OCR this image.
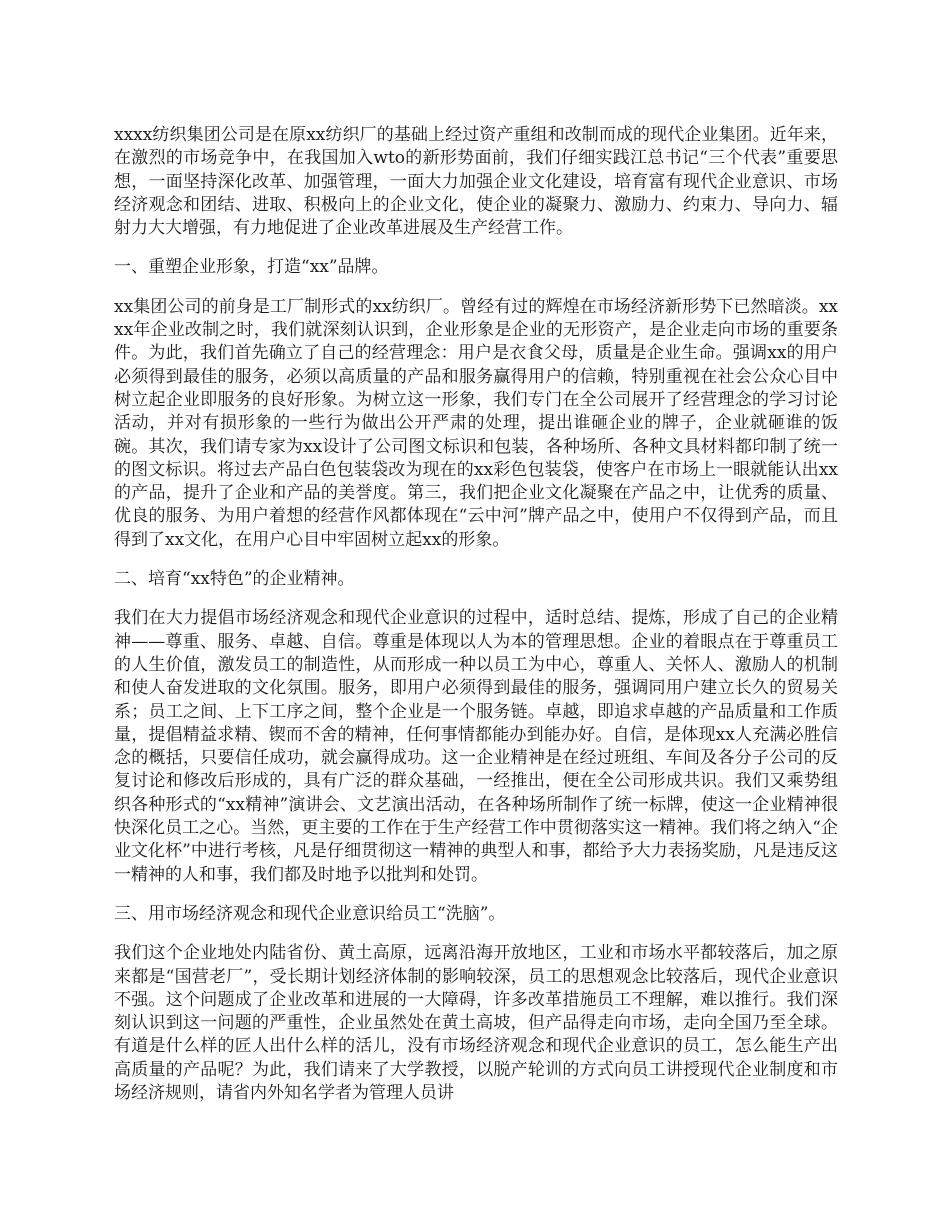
xxxx纺织集团公司是在原xx纺织厂的基础上经过资产重组和改制而成的现代企业集团。近年来，在激烈的市场竞争中，在我国加入wto的新形势面前，我们仔细实践江总书记“三个代表”重要思想，一面坚持深化改革、加强管理，一面大力加强企业文化建设，培育富有现代企业意识、市场经济观念和团结、进取、积极向上的企业文化，使企业的凝聚力、激励力、约束力、导向力、辐射力大大增强，有力地促进了企业改革进展及生产经营工作。

一、重塑企业形象，打造“xx”品牌。

xx集团公司的前身是工厂制形式的xx纺织厂。曾经有过的辉煌在市场经济新形势下已然暗淡。xxxx年企业改制之时，我们就深刻认识到，企业形象是企业的无形资产，是企业走向市场的重要条件。为此，我们首先确立了自己的经营理念：用户是衣食父母，质量是企业生命。强调xx的用户必须得到最佳的服务，必须以高质量的产品和服务赢得用户的信赖，特别重视在社会公众心目中树立起企业即服务的良好形象。为树立这一形象，我们专门在全公司展开了经营理念的学习讨论活动，并对有损形象的一些行为做出公开严肃的处理，提出谁砸企业的牌子，企业就砸谁的饭碗。其次，我们请专家为xx设计了公司图文标识和包装，各种场所、各种文具材料都印制了统一的图文标识。将过去产品白色包装袋改为现在的xx彩色包装袋，使客户在市场上一眼就能认出xx的产品，提升了企业和产品的美誉度。第三，我们把企业文化凝聚在产品之中，让优秀的质量、优良的服务、为用户着想的经营作风都体现在“云中河”牌产品之中，使用户不仅得到产品，而且得到了xx文化，在用户心目中牢固树立起xx的形象。

二、培育“xx特色”的企业精神。

我们在大力提倡市场经济观念和现代企业意识的过程中，适时总结、提炼，形成了自己的企业精神——尊重、服务、卓越、自信。尊重是体现以人为本的管理思想。企业的着眼点在于尊重员工的人生价值，激发员工的制造性，从而形成一种以员工为中心，尊重人、关怀人、激励人的机制和使人奋发进取的文化氛围。服务，即用户必须得到最佳的服务，强调同用户建立长久的贸易关系；员工之间、上下工序之间，整个企业是一个服务链。卓越，即追求卓越的产品质量和工作质量，提倡精益求精、锲而不舍的精神，任何事情都能办到能办好。自信，是体现xx人充满必胜信念的概括，只要信任成功，就会赢得成功。这一企业精神是在经过班组、车间及各分子公司的反复讨论和修改后形成的，具有广泛的群众基础，一经推出，便在全公司形成共识。我们又乘势组织各种形式的“xx精神”演讲会、文艺演出活动，在各种场所制作了统一标牌，使这一企业精神很快深化员工之心。当然，更主要的工作在于生产经营工作中贯彻落实这一精神。我们将之纳入“企业文化杯”中进行考核，凡是仔细贯彻这一精神的典型人和事，都给予大力表扬奖励，凡是违反这一精神的人和事，我们都及时地予以批判和处罚。

三、用市场经济观念和现代企业意识给员工“洗脑”。

我们这个企业地处内陆省份、黄土高原，远离沿海开放地区，工业和市场水平都较落后，加之原来都是“国营老厂”，受长期计划经济体制的影响较深，员工的思想观念比较落后，现代企业意识不强。这个问题成了企业改革和进展的一大障碍，许多改革措施员工不理解，难以推行。我们深刻认识到这一问题的严重性，企业虽然处在黄土高坡，但产品得走向市场，走向全国乃至全球。有道是什么样的匠人出什么样的活儿，没有市场经济观念和现代企业意识的员工，怎么能生产出高质量的产品呢？为此，我们请来了大学教授，以脱产轮训的方式向员工讲授现代企业制度和市场经济规则，请省内外知名学者为管理人员讲
